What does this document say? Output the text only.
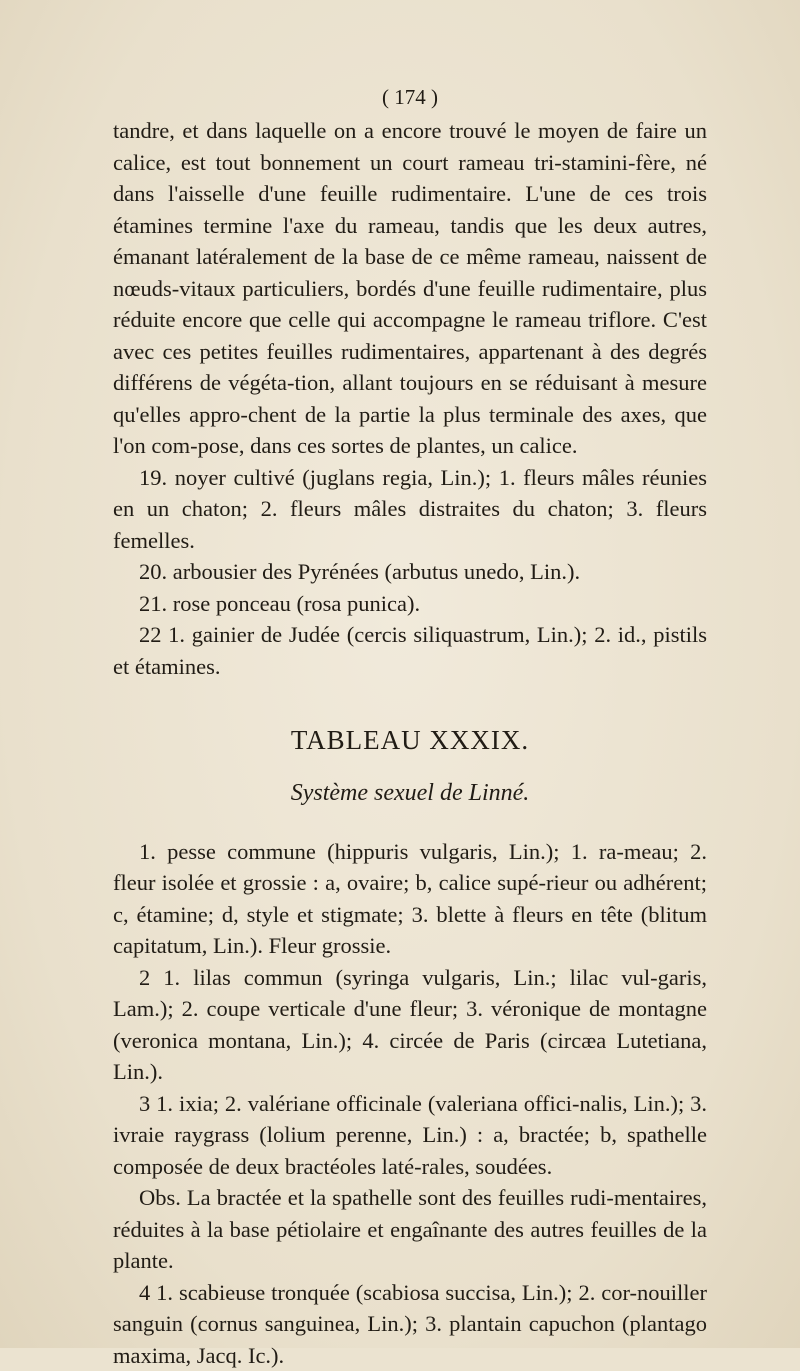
( 174 )

tandre, et dans laquelle on a encore trouvé le moyen de faire un calice, est tout bonnement un court rameau tri-stamini-fère, né dans l'aisselle d'une feuille rudimentaire. L'une de ces trois étamines termine l'axe du rameau, tandis que les deux autres, émanant latéralement de la base de ce même rameau, naissent de nœuds-vitaux particuliers, bordés d'une feuille rudimentaire, plus réduite encore que celle qui accompagne le rameau triflore. C'est avec ces petites feuilles rudimentaires, appartenant à des degrés différens de végéta-tion, allant toujours en se réduisant à mesure qu'elles appro-chent de la partie la plus terminale des axes, que l'on com-pose, dans ces sortes de plantes, un calice.

19. noyer cultivé (juglans regia, Lin.); 1. fleurs mâles réunies en un chaton; 2. fleurs mâles distraites du chaton; 3. fleurs femelles.

20. arbousier des Pyrénées (arbutus unedo, Lin.).

21. rose ponceau (rosa punica).

22 1. gainier de Judée (cercis siliquastrum, Lin.); 2. id., pistils et étamines.

TABLEAU XXXIX.
Système sexuel de Linné.

1. pesse commune (hippuris vulgaris, Lin.); 1. ra-meau; 2. fleur isolée et grossie : a, ovaire; b, calice supé-rieur ou adhérent; c, étamine; d, style et stigmate; 3. blette à fleurs en tête (blitum capitatum, Lin.). Fleur grossie.

2 1. lilas commun (syringa vulgaris, Lin.; lilac vul-garis, Lam.); 2. coupe verticale d'une fleur; 3. véronique de montagne (veronica montana, Lin.); 4. circée de Paris (circæa Lutetiana, Lin.).

3 1. ixia; 2. valériane officinale (valeriana offici-nalis, Lin.); 3. ivraie raygrass (lolium perenne, Lin.) : a, bractée; b, spathelle composée de deux bractéoles laté-rales, soudées.

Obs. La bractée et la spathelle sont des feuilles rudi-mentaires, réduites à la base pétiolaire et engaînante des autres feuilles de la plante.

4 1. scabieuse tronquée (scabiosa succisa, Lin.); 2. cor-nouiller sanguin (cornus sanguinea, Lin.); 3. plantain capuchon (plantago maxima, Jacq. Ic.).
